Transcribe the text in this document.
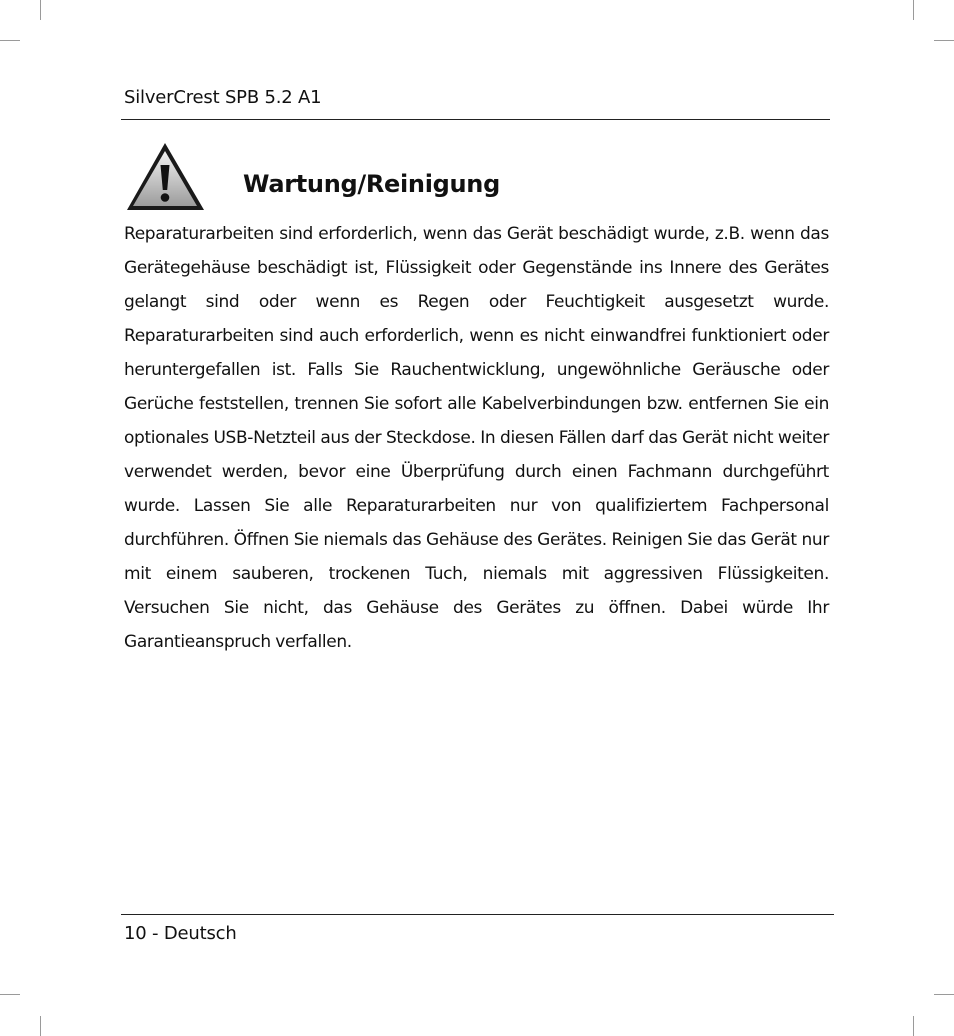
SilverCrest SPB 5.2 A1
Wartung/Reinigung

Reparaturarbeiten sind erforderlich, wenn das Gerät beschädigt wurde, z.B. wenn das Gerätegehäuse beschädigt ist, Flüssigkeit oder Gegenstände ins Innere des Gerätes gelangt sind oder wenn es Regen oder Feuchtigkeit ausgesetzt wurde. Reparaturarbeiten sind auch erforderlich, wenn es nicht einwandfrei funktioniert oder heruntergefallen ist. Falls Sie Rauchentwicklung, ungewöhnliche Geräusche oder Gerüche feststellen, trennen Sie sofort alle Kabelverbindungen bzw. entfernen Sie ein optionales USB-Netzteil aus der Steckdose. In diesen Fällen darf das Gerät nicht weiter verwendet werden, bevor eine Überprüfung durch einen Fachmann durchgeführt wurde. Lassen Sie alle Reparaturarbeiten nur von qualifiziertem Fachpersonal durchführen. Öffnen Sie niemals das Gehäuse des Gerätes. Reinigen Sie das Gerät nur mit einem sauberen, trockenen Tuch, niemals mit aggressiven Flüssigkeiten. Versuchen Sie nicht, das Gehäuse des Gerätes zu öffnen. Dabei würde Ihr Garantieanspruch verfallen.

10 - Deutsch
